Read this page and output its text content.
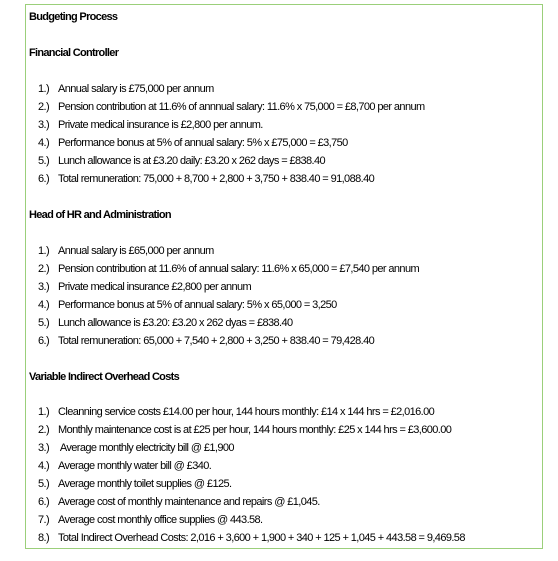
Budgeting Process
Financial Controller
1.) Annual salary is £75,000 per annum
2.) Pension contribution at 11.6% of annnual salary: 11.6% x 75,000 = £8,700 per annum
3.) Private medical insurance is £2,800 per annum.
4.) Performance bonus at 5% of annual salary: 5% x £75,000 = £3,750
5.) Lunch allowance is at £3.20 daily: £3.20 x 262 days = £838.40
6.) Total remuneration: 75,000 + 8,700 + 2,800 + 3,750 + 838.40 = 91,088.40
Head of HR and Administration
1.) Annual salary is £65,000 per annum
2.) Pension contribution at 11.6% of annual salary: 11.6% x 65,000 = £7,540 per annum
3.) Private medical insurance £2,800 per annum
4.) Performance bonus at 5% of annual salary: 5% x 65,000 = 3,250
5.) Lunch allowance is £3.20: £3.20 x 262 dyas = £838.40
6.) Total remuneration: 65,000 + 7,540 + 2,800 + 3,250 + 838.40 = 79,428.40
Variable Indirect Overhead Costs
1.) Cleanning service costs £14.00 per hour, 144 hours monthly: £14 x 144 hrs = £2,016.00
2.) Monthly maintenance cost is at £25 per hour, 144 hours monthly: £25 x 144 hrs = £3,600.00
3.) Average monthly electricity bill @ £1,900
4.) Average monthly water bill @ £340.
5.) Average monthly toilet supplies @ £125.
6.) Average cost of monthly maintenance and repairs @ £1,045.
7.) Average cost monthly office supplies @ 443.58.
8.) Total Indirect Overhead Costs: 2,016 + 3,600 + 1,900 + 340 + 125 + 1,045 + 443.58 = 9,469.58
